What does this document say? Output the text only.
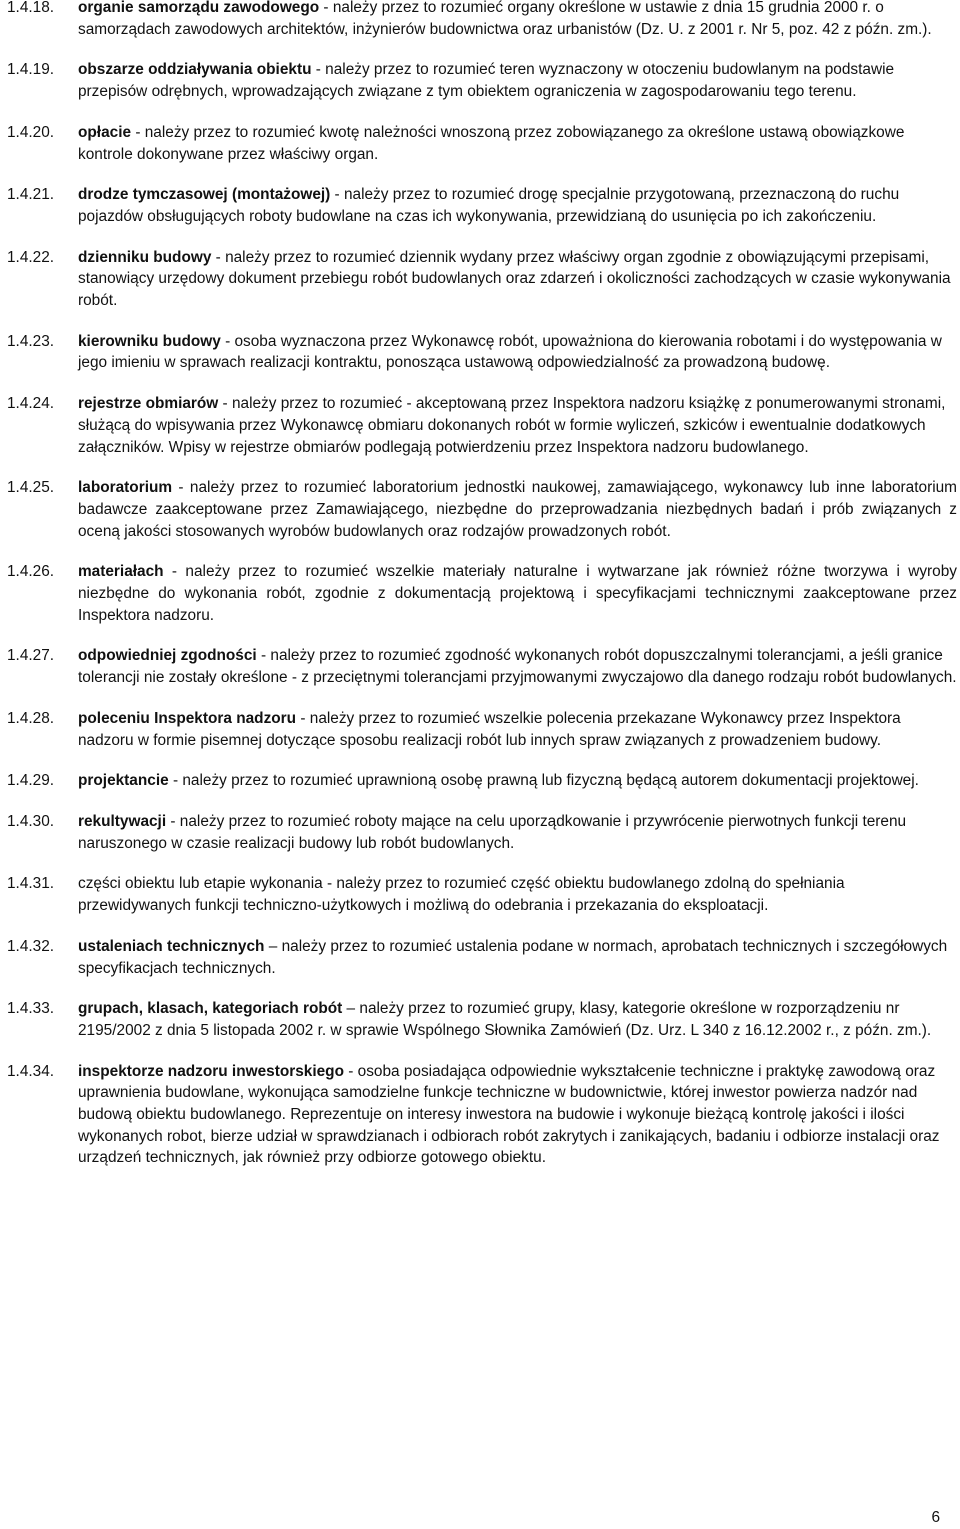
1.4.18.	organie samorządu zawodowego - należy przez to rozumieć organy określone w ustawie z dnia 15 grudnia 2000 r. o samorządach zawodowych architektów, inżynierów budownictwa oraz urbanistów (Dz. U. z 2001 r. Nr 5, poz. 42 z późn. zm.).
1.4.19.	obszarze oddziaływania obiektu - należy przez to rozumieć teren wyznaczony w otoczeniu budowlanym na podstawie przepisów odrębnych, wprowadzających związane z tym obiektem ograniczenia w zagospodarowaniu tego terenu.
1.4.20.	opłacie - należy przez to rozumieć kwotę należności wnoszoną przez zobowiązanego za określone ustawą obowiązkowe kontrole dokonywane przez właściwy organ.
1.4.21.	drodze tymczasowej (montażowej) - należy przez to rozumieć drogę specjalnie przygotowaną, przeznaczoną do ruchu pojazdów obsługujących roboty budowlane na czas ich wykonywania, przewidzianą do usunięcia po ich zakończeniu.
1.4.22.	dzienniku budowy - należy przez to rozumieć dziennik wydany przez właściwy organ zgodnie z obowiązującymi przepisami, stanowiący urzędowy dokument przebiegu robót budowlanych oraz zdarzeń i okoliczności zachodzących w czasie wykonywania robót.
1.4.23.	kierowniku budowy - osoba wyznaczona przez Wykonawcę robót, upoważniona do kierowania robotami i do występowania w jego imieniu w sprawach realizacji kontraktu, ponosząca ustawową odpowiedzialność za prowadzoną budowę.
1.4.24.	rejestrze obmiarów - należy przez to rozumieć - akceptowaną przez Inspektora nadzoru książkę z ponumerowanymi stronami, służącą do wpisywania przez Wykonawcę obmiaru dokonanych robót w formie wyliczeń, szkiców i ewentualnie dodatkowych załączników. Wpisy w rejestrze obmiarów podlegają potwierdzeniu przez Inspektora nadzoru budowlanego.
1.4.25.	laboratorium - należy przez to rozumieć laboratorium jednostki naukowej, zamawiającego, wykonawcy lub inne laboratorium badawcze zaakceptowane przez Zamawiającego, niezbędne do przeprowadzania niezbędnych badań i prób związanych z oceną jakości stosowanych wyrobów budowlanych oraz rodzajów prowadzonych robót.
1.4.26.	materiałach - należy przez to rozumieć wszelkie materiały naturalne i wytwarzane jak również różne tworzywa i wyroby niezbędne do wykonania robót, zgodnie z dokumentacją projektową i specyfikacjami technicznymi zaakceptowane przez Inspektora nadzoru.
1.4.27.	odpowiedniej zgodności - należy przez to rozumieć zgodność wykonanych robót dopuszczalnymi tolerancjami, a jeśli granice tolerancji nie zostały określone - z przeciętnymi tolerancjami przyjmowanymi zwyczajowo dla danego rodzaju robót budowlanych.
1.4.28.	poleceniu Inspektora nadzoru - należy przez to rozumieć wszelkie polecenia przekazane Wykonawcy przez Inspektora nadzoru w formie pisemnej dotyczące sposobu realizacji robót lub innych spraw związanych z prowadzeniem budowy.
1.4.29.	projektancie - należy przez to rozumieć uprawnioną osobę prawną lub fizyczną będącą autorem dokumentacji projektowej.
1.4.30.	rekultywacji - należy przez to rozumieć roboty mające na celu uporządkowanie i przywrócenie pierwotnych funkcji terenu naruszonego w czasie realizacji budowy lub robót budowlanych.
1.4.31.	części obiektu lub etapie wykonania - należy przez to rozumieć część obiektu budowlanego zdolną do spełniania przewidywanych funkcji techniczno-użytkowych i możliwą do odebrania i przekazania do eksploatacji.
1.4.32.	ustaleniach technicznych – należy przez to rozumieć ustalenia podane w normach, aprobatach technicznych i szczegółowych specyfikacjach technicznych.
1.4.33.	grupach, klasach, kategoriach robót – należy przez to rozumieć grupy, klasy, kategorie określone w rozporządzeniu nr 2195/2002 z dnia 5 listopada 2002 r. w sprawie Wspólnego Słownika Zamówień (Dz. Urz. L 340 z 16.12.2002 r., z późn. zm.).
1.4.34.	inspektorze nadzoru inwestorskiego - osoba posiadająca odpowiednie wykształcenie techniczne i praktykę zawodową oraz uprawnienia budowlane, wykonująca samodzielne funkcje techniczne w budownictwie, której inwestor powierza nadzór nad budową obiektu budowlanego. Reprezentuje on interesy inwestora na budowie i wykonuje bieżącą kontrolę jakości i ilości wykonanych robot, bierze udział w sprawdzianach i odbiorach robót zakrytych i zanikających, badaniu i odbiorze instalacji oraz urządzeń technicznych, jak również przy odbiorze gotowego obiektu.
6
